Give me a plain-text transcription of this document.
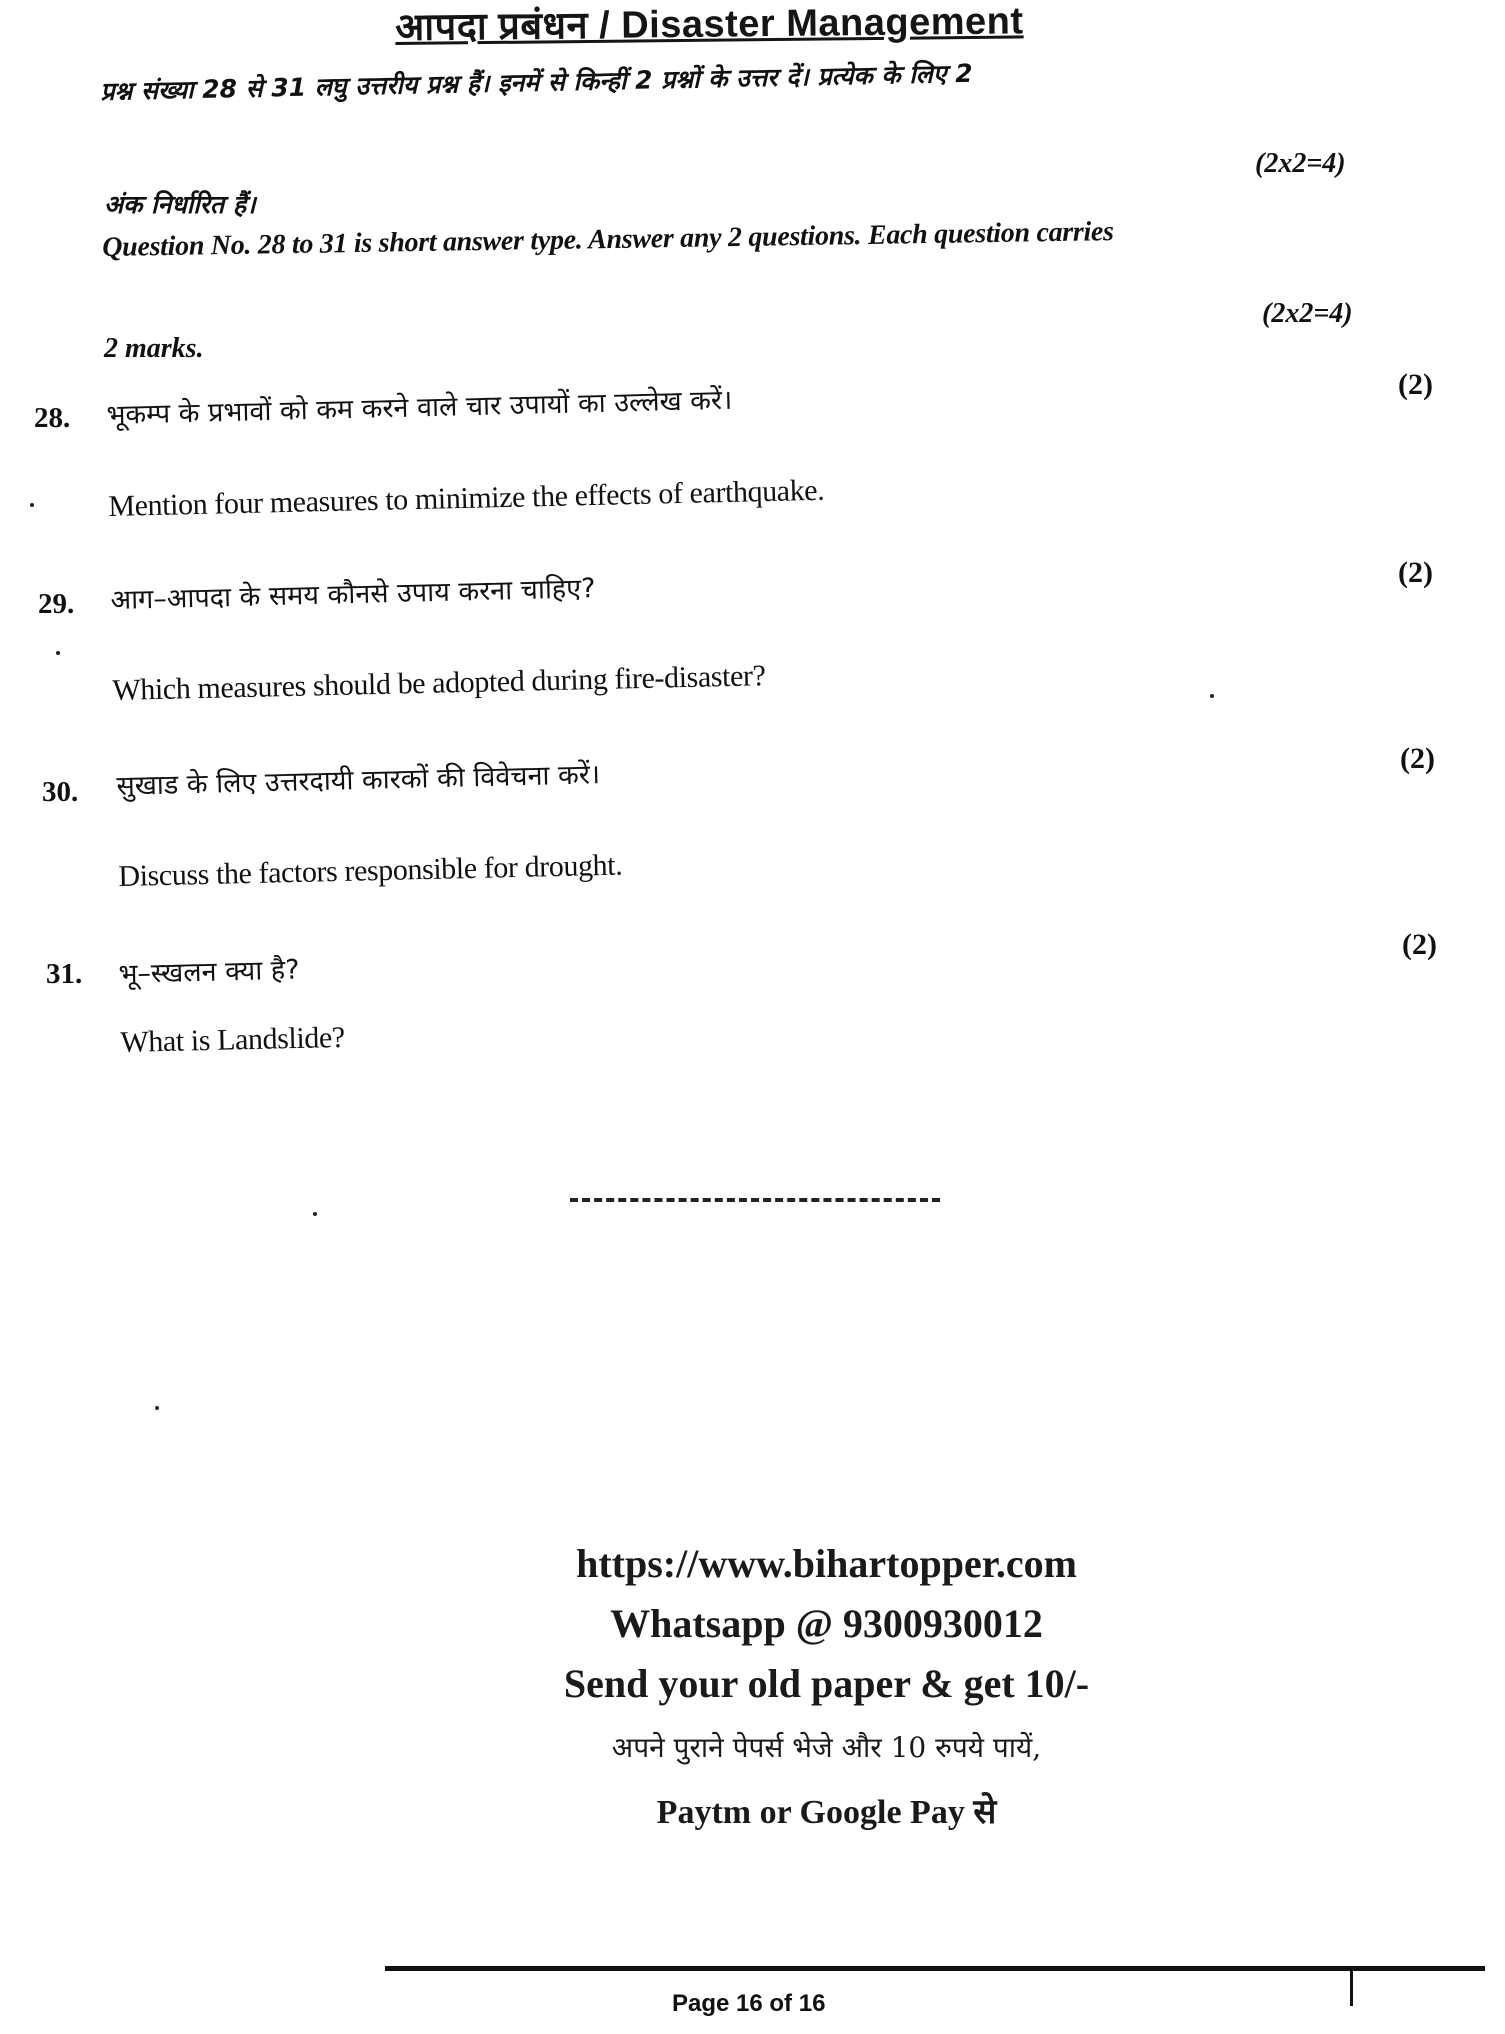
आपदा प्रबंधन / Disaster Management
प्रश्न संख्या 28 से 31 लघु उत्तरीय प्रश्न हैं। इनमें से किन्हीं 2 प्रश्नों के उत्तर दें। प्रत्येक के लिए 2
(2x2=4)
अंक निर्धारित हैं।
Question No. 28 to 31 is short answer type. Answer any 2 questions. Each question carries
(2x2=4)
2 marks.
28. भूकम्प के प्रभावों को कम करने वाले चार उपायों का उल्लेख करें।
(2)
Mention four measures to minimize the effects of earthquake.
29. आग–आपदा के समय कौनसे उपाय करना चाहिए?
(2)
Which measures should be adopted during fire-disaster?
30. सुखाड के लिए उत्तरदायी कारकों की विवेचना करें।
(2)
Discuss the factors responsible for drought.
31. भू–स्खलन क्या है?
(2)
What is Landslide?
https://www.bihartopper.com
Whatsapp @ 9300930012
Send your old paper & get 10/-
अपने पुराने पेपर्स भेजे और 10 रुपये पायें,
Paytm or Google Pay से
Page 16 of 16
